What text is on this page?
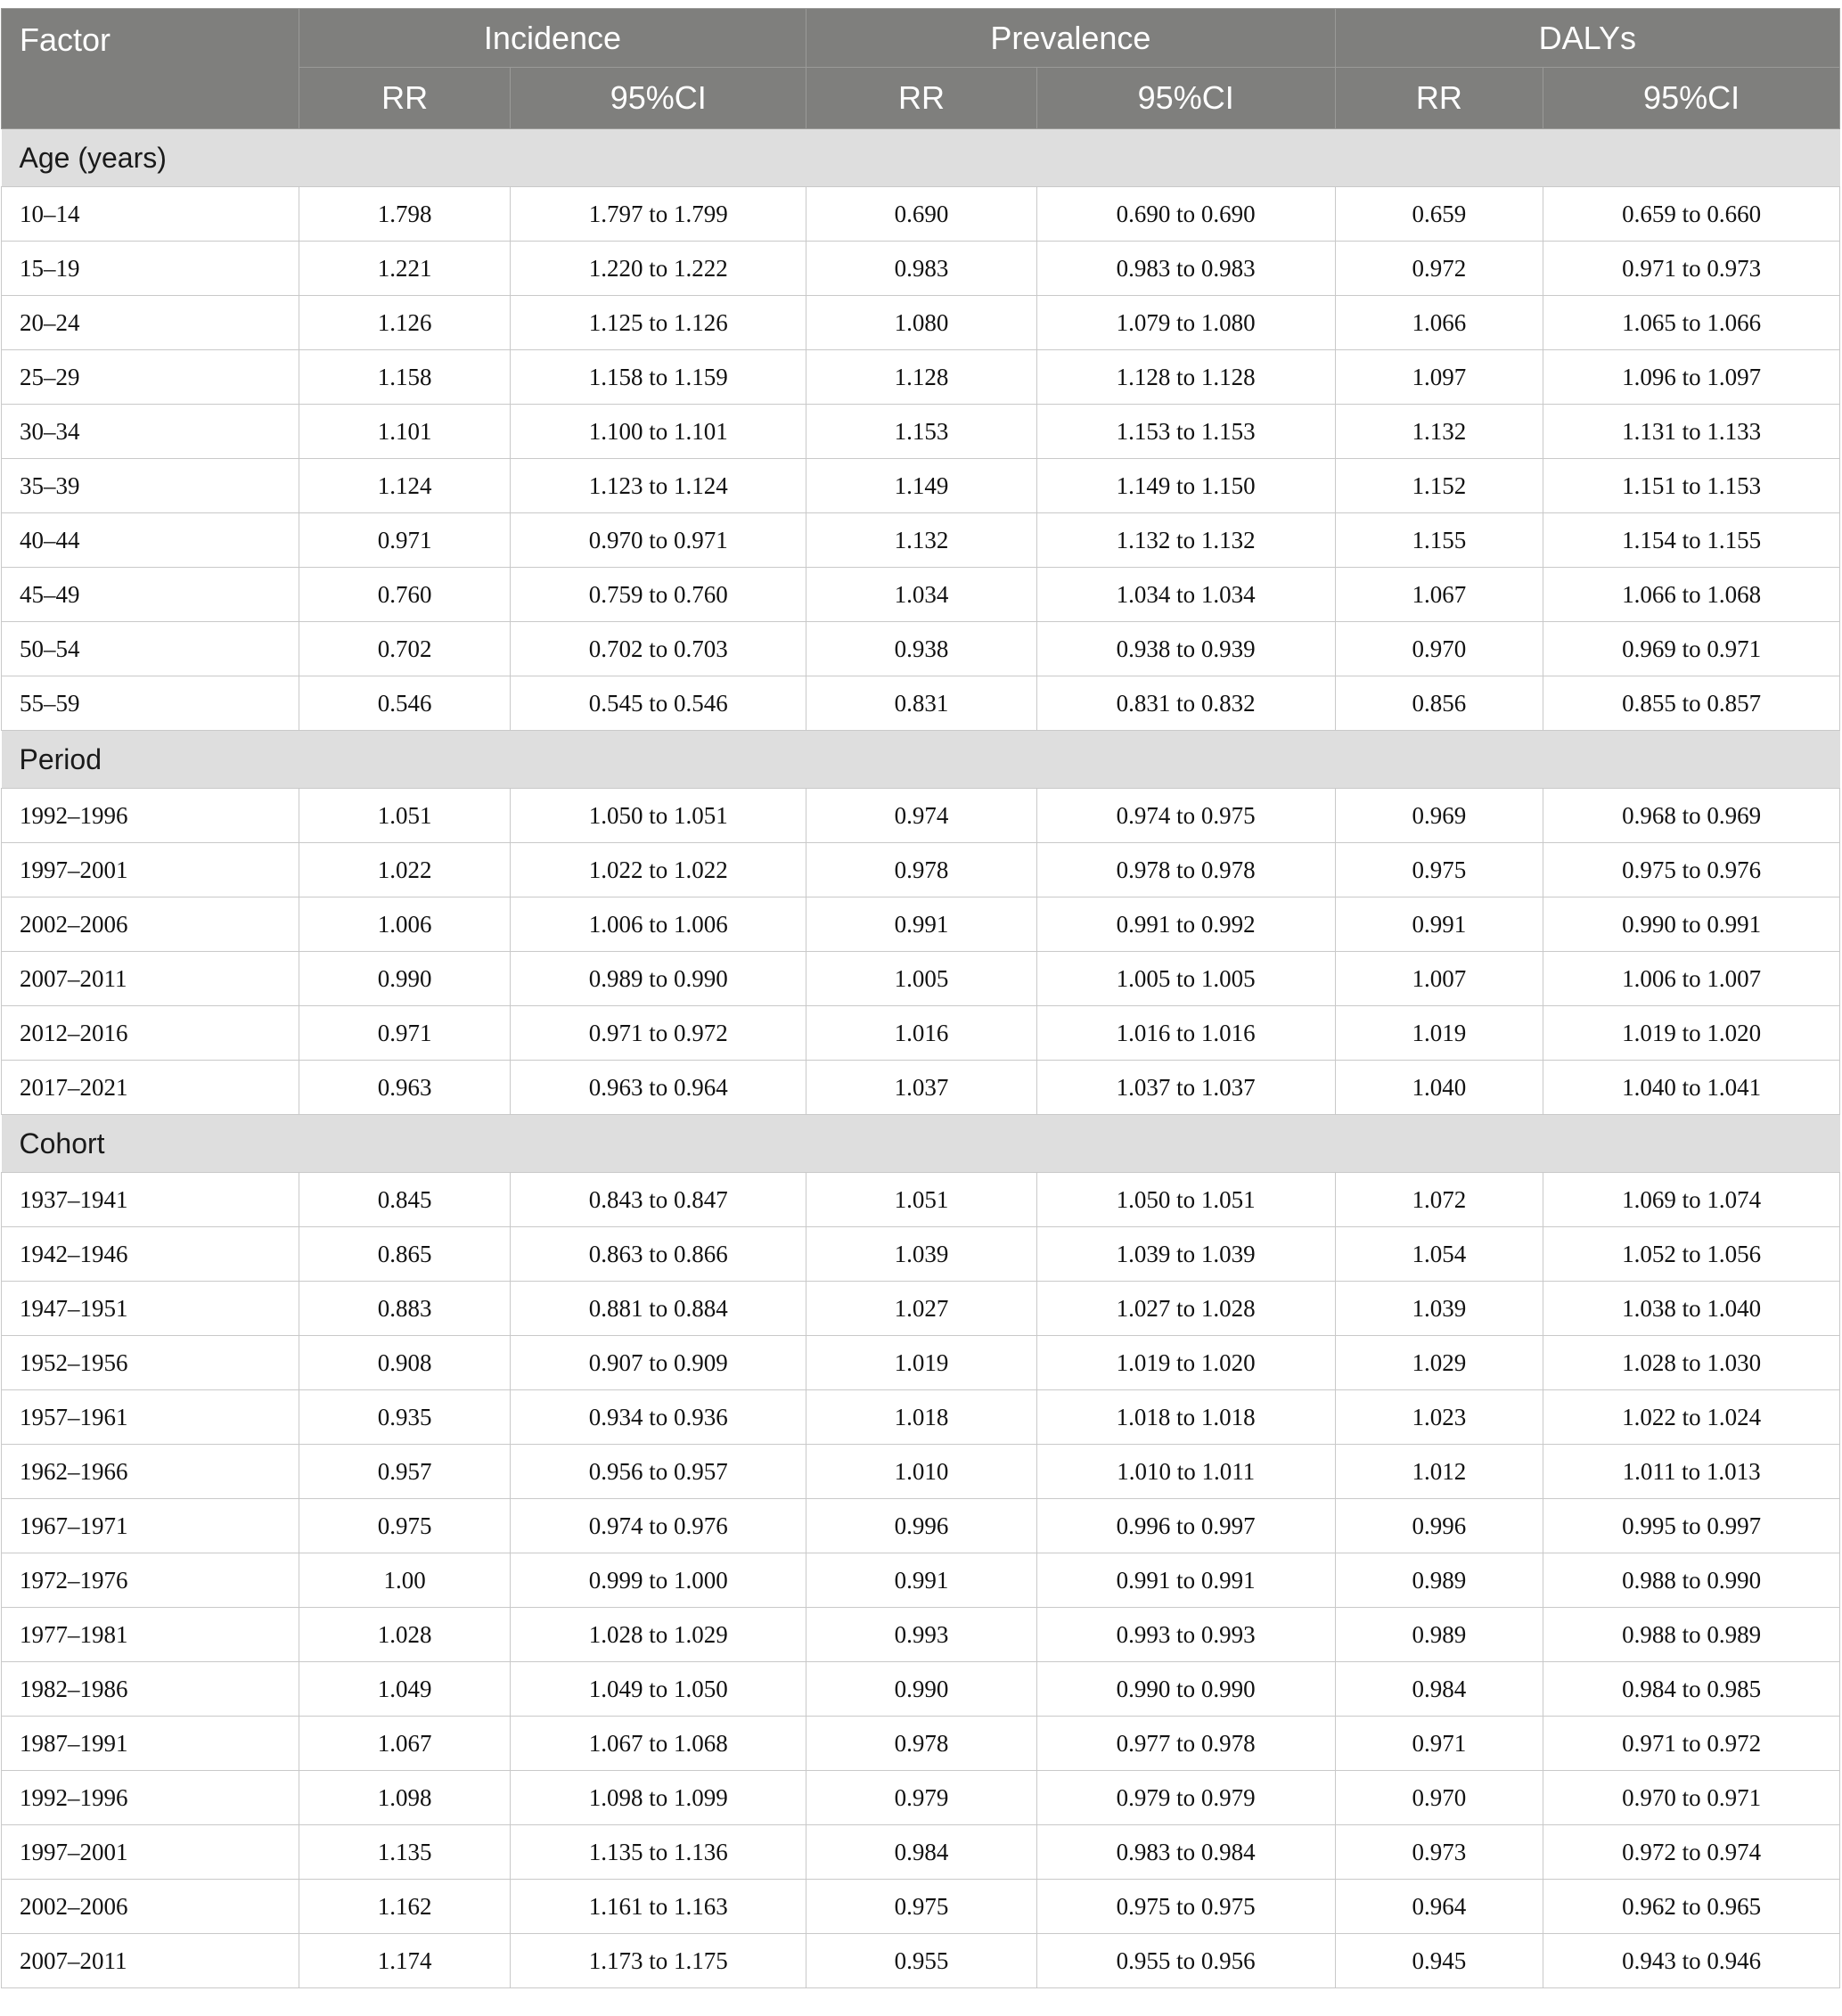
Factor	Incidence		Prevalence		DALYs	
	RR	95%CI	RR	95%CI	RR	95%CI
Age (years)						
10–14	1.798	1.797 to 1.799	0.690	0.690 to 0.690	0.659	0.659 to 0.660
15–19	1.221	1.220 to 1.222	0.983	0.983 to 0.983	0.972	0.971 to 0.973
20–24	1.126	1.125 to 1.126	1.080	1.079 to 1.080	1.066	1.065 to 1.066
25–29	1.158	1.158 to 1.159	1.128	1.128 to 1.128	1.097	1.096 to 1.097
30–34	1.101	1.100 to 1.101	1.153	1.153 to 1.153	1.132	1.131 to 1.133
35–39	1.124	1.123 to 1.124	1.149	1.149 to 1.150	1.152	1.151 to 1.153
40–44	0.971	0.970 to 0.971	1.132	1.132 to 1.132	1.155	1.154 to 1.155
45–49	0.760	0.759 to 0.760	1.034	1.034 to 1.034	1.067	1.066 to 1.068
50–54	0.702	0.702 to 0.703	0.938	0.938 to 0.939	0.970	0.969 to 0.971
55–59	0.546	0.545 to 0.546	0.831	0.831 to 0.832	0.856	0.855 to 0.857
Period						
1992–1996	1.051	1.050 to 1.051	0.974	0.974 to 0.975	0.969	0.968 to 0.969
1997–2001	1.022	1.022 to 1.022	0.978	0.978 to 0.978	0.975	0.975 to 0.976
2002–2006	1.006	1.006 to 1.006	0.991	0.991 to 0.992	0.991	0.990 to 0.991
2007–2011	0.990	0.989 to 0.990	1.005	1.005 to 1.005	1.007	1.006 to 1.007
2012–2016	0.971	0.971 to 0.972	1.016	1.016 to 1.016	1.019	1.019 to 1.020
2017–2021	0.963	0.963 to 0.964	1.037	1.037 to 1.037	1.040	1.040 to 1.041
Cohort						
1937–1941	0.845	0.843 to 0.847	1.051	1.050 to 1.051	1.072	1.069 to 1.074
1942–1946	0.865	0.863 to 0.866	1.039	1.039 to 1.039	1.054	1.052 to 1.056
1947–1951	0.883	0.881 to 0.884	1.027	1.027 to 1.028	1.039	1.038 to 1.040
1952–1956	0.908	0.907 to 0.909	1.019	1.019 to 1.020	1.029	1.028 to 1.030
1957–1961	0.935	0.934 to 0.936	1.018	1.018 to 1.018	1.023	1.022 to 1.024
1962–1966	0.957	0.956 to 0.957	1.010	1.010 to 1.011	1.012	1.011 to 1.013
1967–1971	0.975	0.974 to 0.976	0.996	0.996 to 0.997	0.996	0.995 to 0.997
1972–1976	1.00	0.999 to 1.000	0.991	0.991 to 0.991	0.989	0.988 to 0.990
1977–1981	1.028	1.028 to 1.029	0.993	0.993 to 0.993	0.989	0.988 to 0.989
1982–1986	1.049	1.049 to 1.050	0.990	0.990 to 0.990	0.984	0.984 to 0.985
1987–1991	1.067	1.067 to 1.068	0.978	0.977 to 0.978	0.971	0.971 to 0.972
1992–1996	1.098	1.098 to 1.099	0.979	0.979 to 0.979	0.970	0.970 to 0.971
1997–2001	1.135	1.135 to 1.136	0.984	0.983 to 0.984	0.973	0.972 to 0.974
2002–2006	1.162	1.161 to 1.163	0.975	0.975 to 0.975	0.964	0.962 to 0.965
2007–2011	1.174	1.173 to 1.175	0.955	0.955 to 0.956	0.945	0.943 to 0.946
